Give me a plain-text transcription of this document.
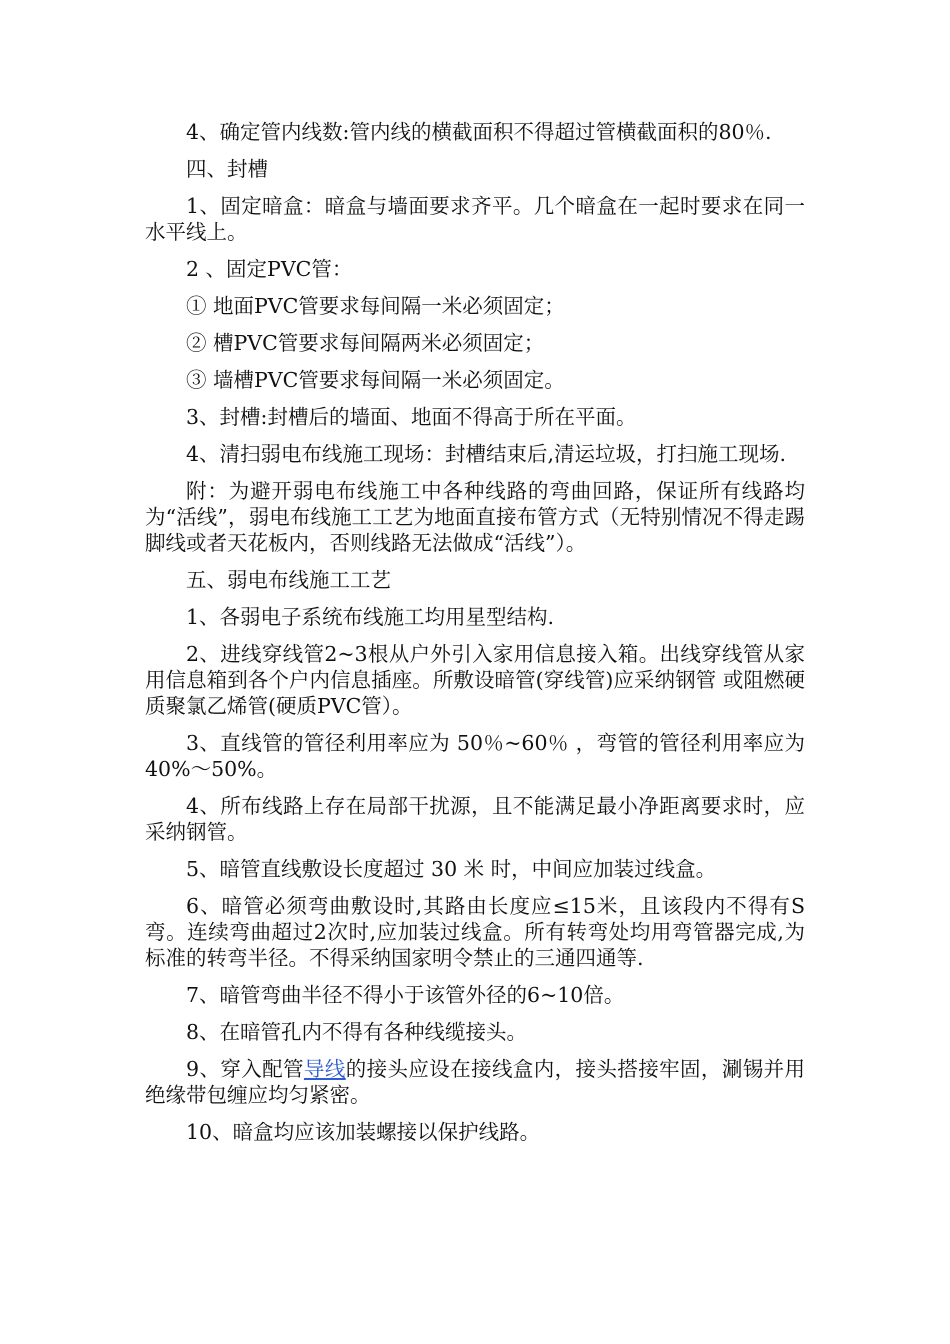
4、确定管内线数:管内线的横截面积不得超过管横截面积的80％.

四、封槽

1、固定暗盒：暗盒与墙面要求齐平。几个暗盒在一起时要求在同一水平线上。

2 、固定PVC管：

① 地面PVC管要求每间隔一米必须固定；

② 槽PVC管要求每间隔两米必须固定；

③ 墙槽PVC管要求每间隔一米必须固定。

3、封槽:封槽后的墙面、地面不得高于所在平面。

4、清扫弱电布线施工现场：封槽结束后,清运垃圾，打扫施工现场.

附：为避开弱电布线施工中各种线路的弯曲回路，保证所有线路均为“活线”，弱电布线施工工艺为地面直接布管方式（无特别情况不得走踢脚线或者天花板内，否则线路无法做成“活线”）。

五、弱电布线施工工艺

1、各弱电子系统布线施工均用星型结构.

2、进线穿线管2~3根从户外引入家用信息接入箱。出线穿线管从家用信息箱到各个户内信息插座。所敷设暗管(穿线管)应采纳钢管 或阻燃硬质聚氯乙烯管(硬质PVC管）。

3、直线管的管径利用率应为 50％~60％ ，弯管的管径利用率应为 40%～50%。

4、所布线路上存在局部干扰源，且不能满足最小净距离要求时，应采纳钢管。

5、暗管直线敷设长度超过 30 米 时，中间应加装过线盒。

6、暗管必须弯曲敷设时,其路由长度应≤15米，且该段内不得有S弯。连续弯曲超过2次时,应加装过线盒。所有转弯处均用弯管器完成,为标准的转弯半径。不得采纳国家明令禁止的三通四通等.

7、暗管弯曲半径不得小于该管外径的6~10倍。

8、在暗管孔内不得有各种线缆接头。

9、穿入配管导线的接头应设在接线盒内，接头搭接牢固，涮锡并用绝缘带包缠应均匀紧密。

10、暗盒均应该加装螺接以保护线路。
